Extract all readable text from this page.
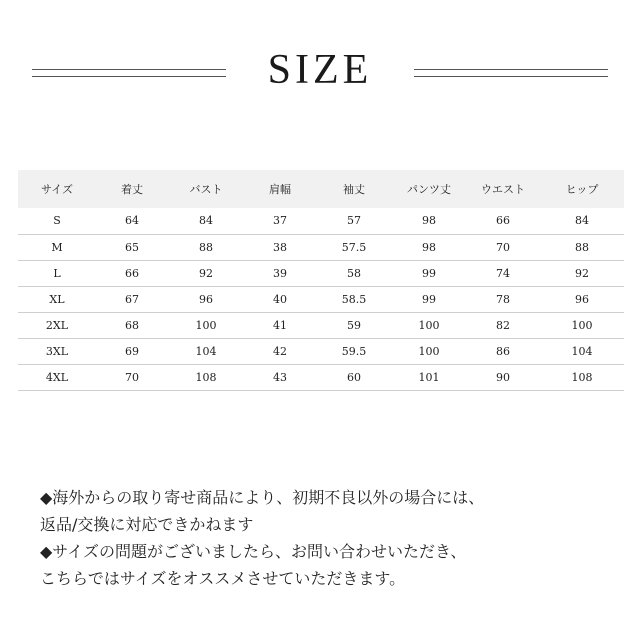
SIZE
サイズ	着丈	バスト	肩幅	袖丈	パンツ丈	ウエスト	ヒップ
S	64	84	37	57	98	66	84
M	65	88	38	57.5	98	70	88
L	66	92	39	58	99	74	92
XL	67	96	40	58.5	99	78	96
2XL	68	100	41	59	100	82	100
3XL	69	104	42	59.5	100	86	104
4XL	70	108	43	60	101	90	108

◆海外からの取り寄せ商品により、初期不良以外の場合には、

返品/交換に対応できかねます

◆サイズの問題がございましたら、お問い合わせいただき、

こちらではサイズをオススメさせていただきます。
